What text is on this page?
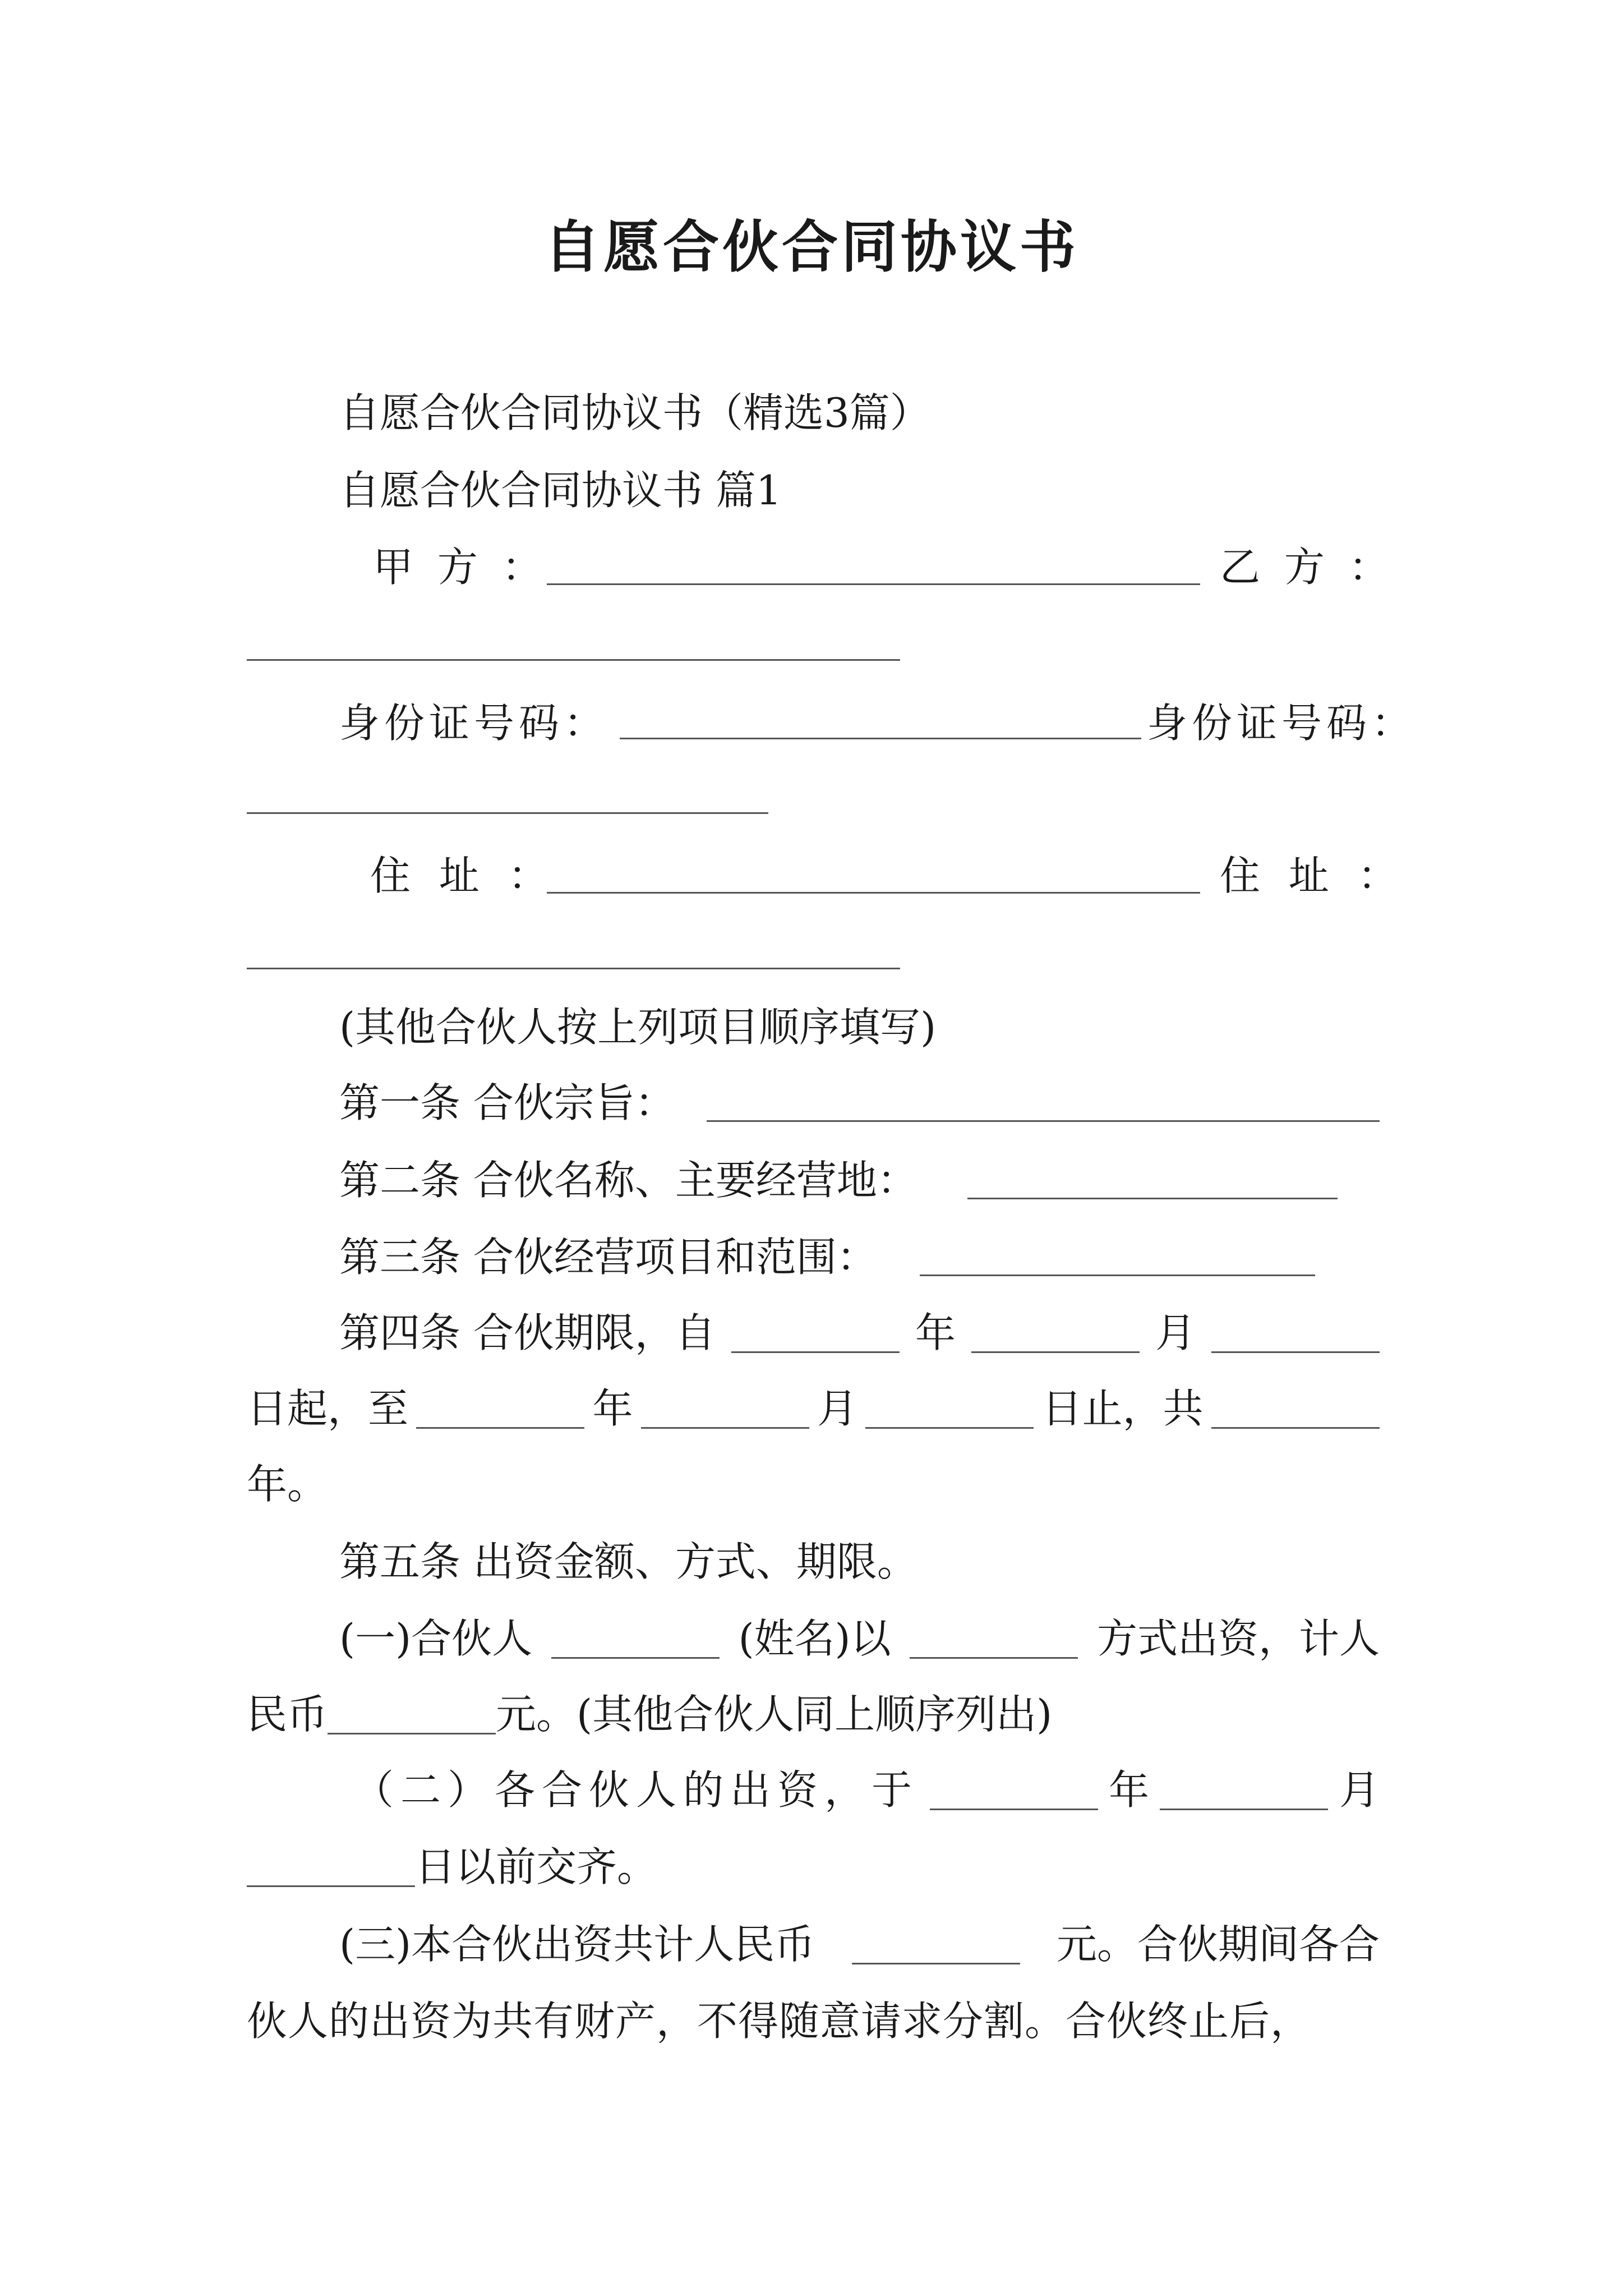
自愿合伙合同协议书
自愿合伙合同协议书（精选3篇）
自愿合伙合同协议书 篇1
甲 方 ：	乙 方 ：
身份证号码：	身份证号码：
住 址 ：	住 址 ：
(其他合伙人按上列项目顺序填写)
第一条 合伙宗旨：
第二条 合伙名称、主要经营地：
第三条 合伙经营项目和范围：
第四条 合伙期限，自	年	月
日起，至	年	月	日止，共
年。
第五条 出资金额、方式、期限。
(一)合伙人	(姓名)以	方式出资，计人
民币	元。(其他合伙人同上顺序列出)
（二）各合伙人的出资，于	年	月
日以前交齐。
(三)本合伙出资共计人民币	元。合伙期间各合
伙人的出资为共有财产，不得随意请求分割。合伙终止后，
